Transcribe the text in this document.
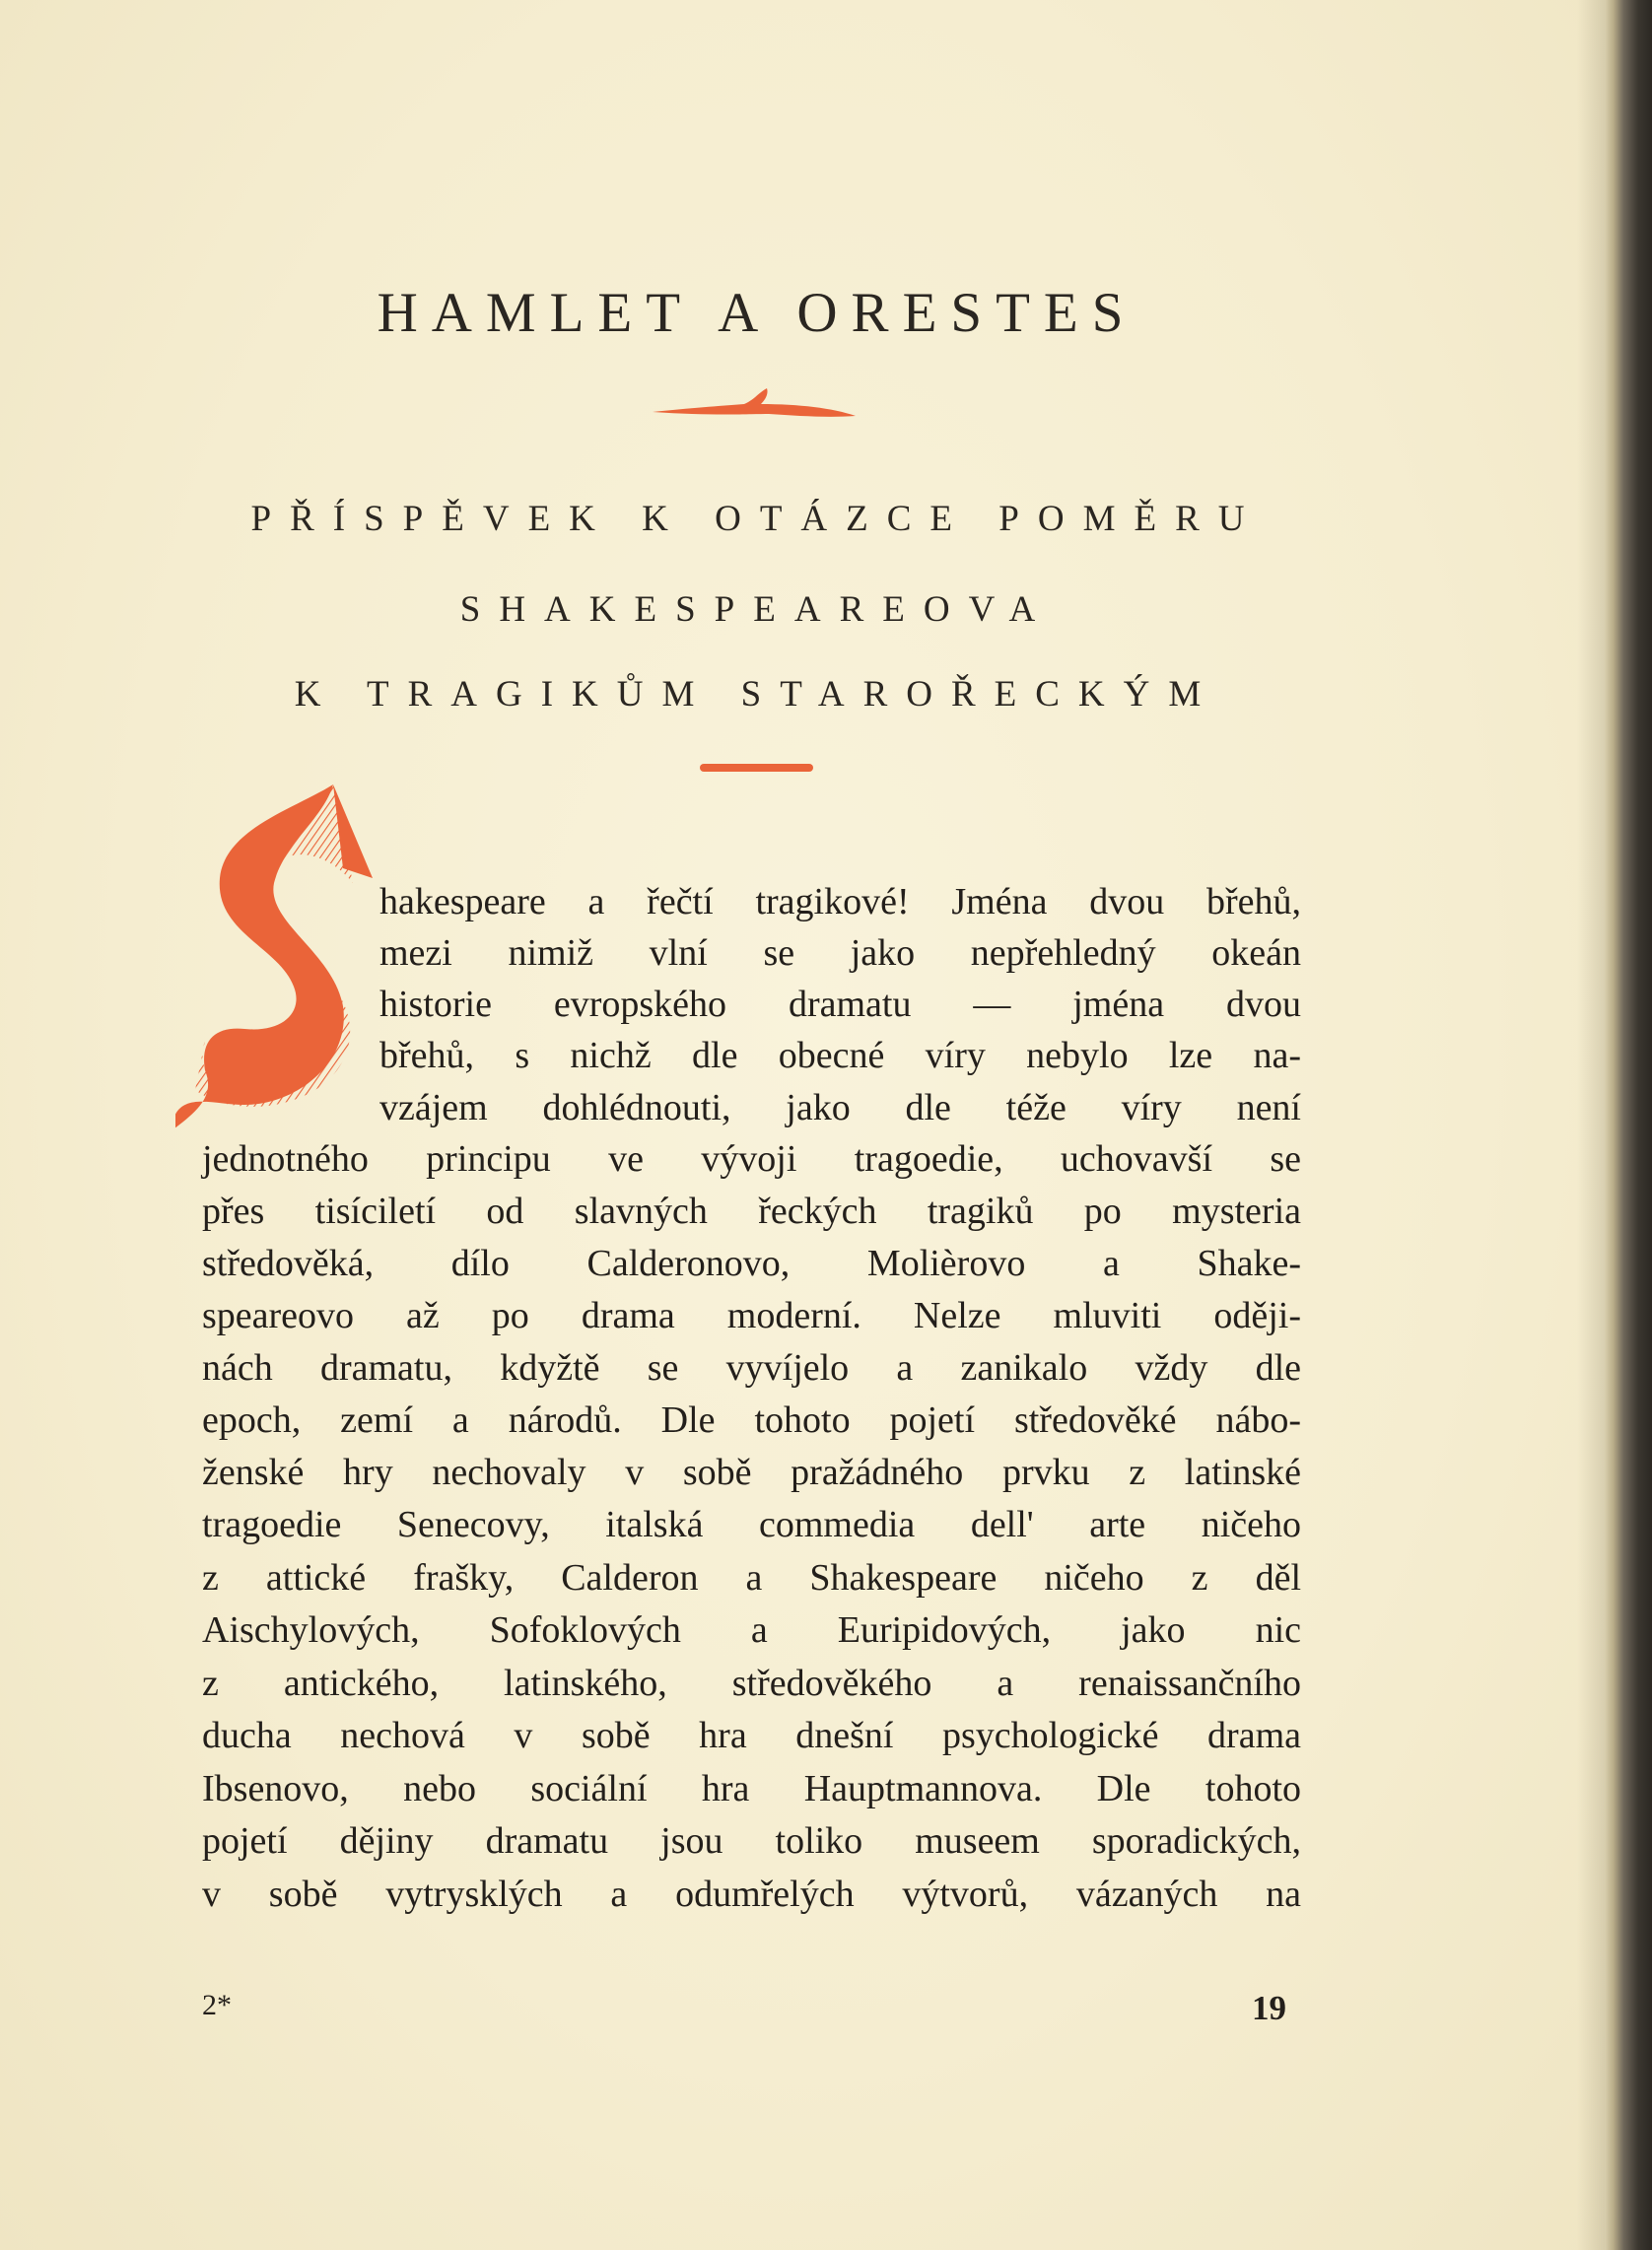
HAMLET A ORESTES
PŘÍSPĚVEK K OTÁZCE POMĚRU
SHAKESPEAREOVA
K TRAGIKŮM STAROŘECKÝM
hakespeare a řečtí tragikové! Jména dvou břehů,
mezi nimiž vlní se jako nepřehledný okeán
historie evropského dramatu — jména dvou
břehů, s nichž dle obecné víry nebylo lze na-
vzájem dohlédnouti, jako dle téže víry není
jednotného principu ve vývoji tragoedie, uchovavší se
přes tisíciletí od slavných řeckých tragiků po mysteria
středověká, dílo Calderonovo, Molièrovo a Shake-
speareovo až po drama moderní. Nelze mluviti oději-
nách dramatu, kdyžtě se vyvíjelo a zanikalo vždy dle
epoch, zemí a národů. Dle tohoto pojetí středověké nábo-
ženské hry nechovaly v sobě pražádného prvku z latinské
tragoedie Senecovy, italská commedia dell' arte ničeho
z attické frašky, Calderon a Shakespeare ničeho z děl
Aischylových, Sofoklových a Euripidových, jako nic
z antického, latinského, středověkého a renaissančního
ducha nechová v sobě hra dnešní psychologické drama
Ibsenovo, nebo sociální hra Hauptmannova. Dle tohoto
pojetí dějiny dramatu jsou toliko museem sporadických,
v sobě vytrysklých a odumřelých výtvorů, vázaných na
2*	19
